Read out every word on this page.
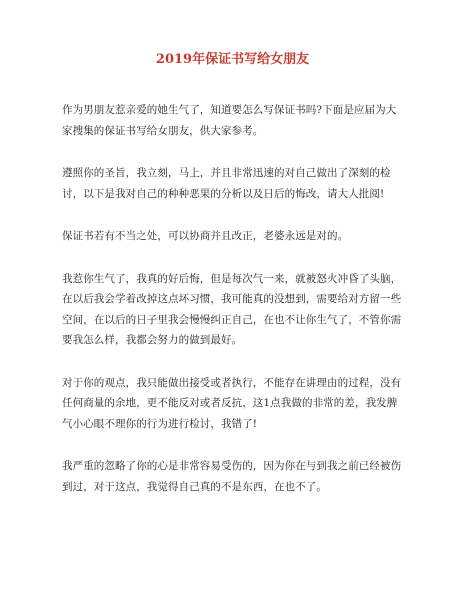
2019年保证书写给女朋友

作为男朋友惹亲爱的她生气了，知道要怎么写保证书吗?下面是应届为大家搜集的保证书写给女朋友，供大家参考。

遵照你的圣旨，我立刻，马上，并且非常迅速的对自己做出了深刻的检讨，以下是我对自己的种种恶果的分析以及日后的悔改，请大人批阅!

保证书若有不当之处，可以协商并且改正，老婆永远是对的。

我惹你生气了，我真的好后悔，但是每次气一来，就被怒火冲昏了头脑，在以后我会学着改掉这点坏习惯，我可能真的没想到，需要给对方留一些空间，在以后的日子里我会慢慢纠正自己，在也不让你生气了，不管你需要我怎么样，我都会努力的做到最好。

对于你的观点，我只能做出接受或者执行，不能存在讲理由的过程，没有任何商量的余地，更不能反对或者反抗，这1点我做的非常的差，我发脾气小心眼不理你的行为进行检讨，我错了!

我严重的忽略了你的心是非常容易受伤的，因为你在与到我之前已经被伤到过，对于这点，我觉得自己真的不是东西，在也不了。
